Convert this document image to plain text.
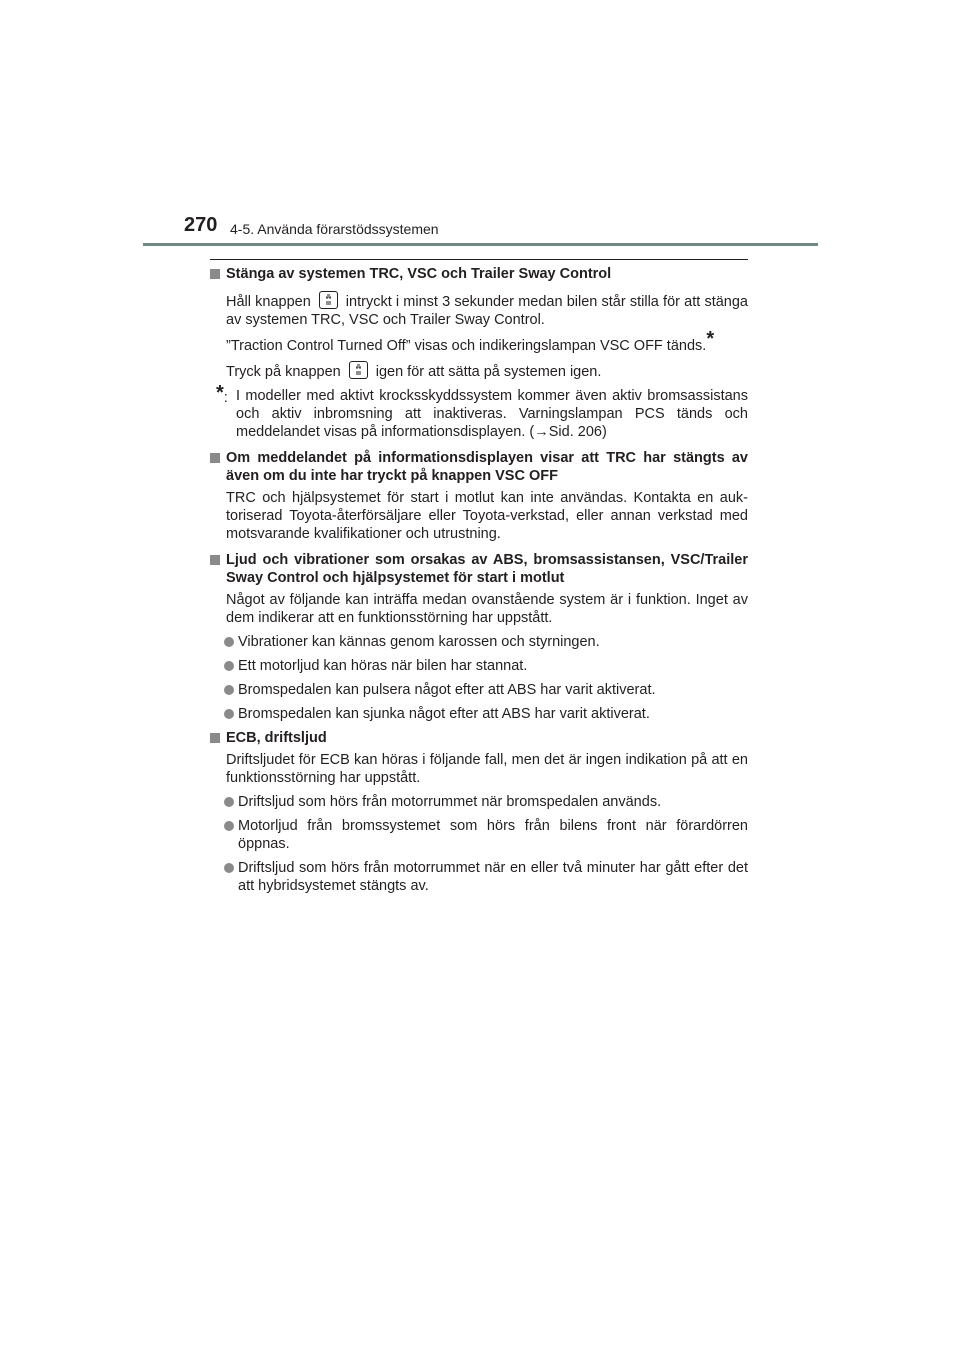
270 4-5. Använda förarstödssystemen
Stänga av systemen TRC, VSC och Trailer Sway Control
Håll knappen intryckt i minst 3 sekunder medan bilen står stilla för att stänga av systemen TRC, VSC och Trailer Sway Control.
”Traction Control Turned Off” visas och indikeringslampan VSC OFF tänds.*
Tryck på knappen igen för att sätta på systemen igen.
*: I modeller med aktivt krocksskyddssystem kommer även aktiv bromsassistans och aktiv inbromsning att inaktiveras. Varningslampan PCS tänds och meddelandet visas på informationsdisplayen. (→Sid. 206)
Om meddelandet på informationsdisplayen visar att TRC har stängts av även om du inte har tryckt på knappen VSC OFF
TRC och hjälpsystemet för start i motlut kan inte användas. Kontakta en auktoriserad Toyota-återförsäljare eller Toyota-verkstad, eller annan verkstad med motsvarande kvalifikationer och utrustning.
Ljud och vibrationer som orsakas av ABS, bromsassistansen, VSC/Trailer Sway Control och hjälpsystemet för start i motlut
Något av följande kan inträffa medan ovanstående system är i funktion. Inget av dem indikerar att en funktionsstörning har uppstått.
Vibrationer kan kännas genom karossen och styrningen.
Ett motorljud kan höras när bilen har stannat.
Bromspedalen kan pulsera något efter att ABS har varit aktiverat.
Bromspedalen kan sjunka något efter att ABS har varit aktiverat.
ECB, driftsljud
Driftsljudet för ECB kan höras i följande fall, men det är ingen indikation på att en funktionsstörning har uppstått.
Driftsljud som hörs från motorrummet när bromspedalen används.
Motorljud från bromssystemet som hörs från bilens front när förardörren öppnas.
Driftsljud som hörs från motorrummet när en eller två minuter har gått efter det att hybridsystemet stängts av.
